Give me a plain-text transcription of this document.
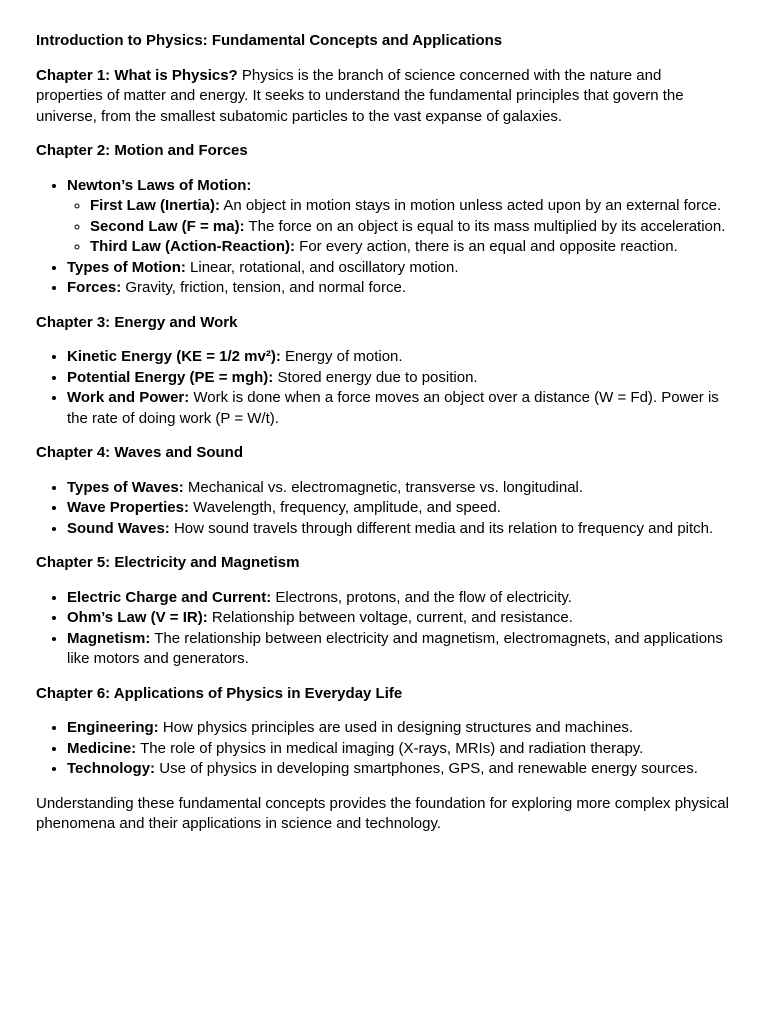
Introduction to Physics: Fundamental Concepts and Applications

Chapter 1: What is Physics? Physics is the branch of science concerned with the nature and properties of matter and energy. It seeks to understand the fundamental principles that govern the universe, from the smallest subatomic particles to the vast expanse of galaxies.

Chapter 2: Motion and Forces

• Newton’s Laws of Motion:
◦ First Law (Inertia): An object in motion stays in motion unless acted upon by an external force.
◦ Second Law (F = ma): The force on an object is equal to its mass multiplied by its acceleration.
◦ Third Law (Action-Reaction): For every action, there is an equal and opposite reaction.
• Types of Motion: Linear, rotational, and oscillatory motion.
• Forces: Gravity, friction, tension, and normal force.

Chapter 3: Energy and Work

• Kinetic Energy (KE = 1/2 mv²): Energy of motion.
• Potential Energy (PE = mgh): Stored energy due to position.
• Work and Power: Work is done when a force moves an object over a distance (W = Fd). Power is the rate of doing work (P = W/t).

Chapter 4: Waves and Sound

• Types of Waves: Mechanical vs. electromagnetic, transverse vs. longitudinal.
• Wave Properties: Wavelength, frequency, amplitude, and speed.
• Sound Waves: How sound travels through different media and its relation to frequency and pitch.

Chapter 5: Electricity and Magnetism

• Electric Charge and Current: Electrons, protons, and the flow of electricity.
• Ohm’s Law (V = IR): Relationship between voltage, current, and resistance.
• Magnetism: The relationship between electricity and magnetism, electromagnets, and applications like motors and generators.

Chapter 6: Applications of Physics in Everyday Life

• Engineering: How physics principles are used in designing structures and machines.
• Medicine: The role of physics in medical imaging (X-rays, MRIs) and radiation therapy.
• Technology: Use of physics in developing smartphones, GPS, and renewable energy sources.

Understanding these fundamental concepts provides the foundation for exploring more complex physical phenomena and their applications in science and technology.
